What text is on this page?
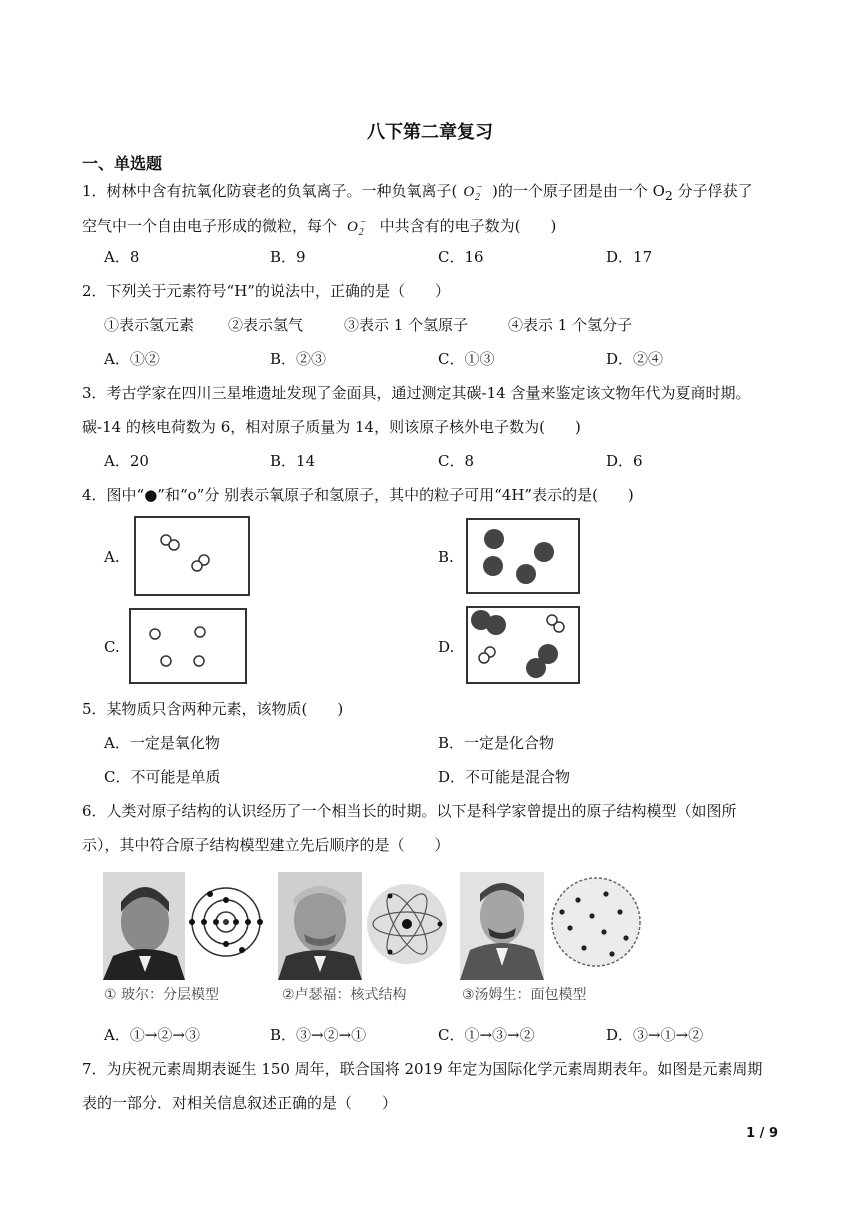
八下第二章复习
一、单选题
1．树林中含有抗氧化防衰老的负氧离子。一种负氧离子( O −$_2$ )的一个原子团是由一个 $O_2$ 分子俘获了
空气中一个自由电子形成的微粒，每个 O −$_2$ 中共含有的电子数为(　　)
A．8	B．9	C．16	D．17
2．下列关于元素符号“H”的说法中，正确的是（　　）
①表示氢元素 ②表示氢气	③表示 1 个氢原子	④表示 1 个氢分子
A．①②	B．②③	C．①③	D．②④
3．考古学家在四川三星堆遗址发现了金面具，通过测定其碳-14 含量来鉴定该文物年代为夏商时期。
碳-14 的核电荷数为 6，相对原子质量为 14，则该原子核外电子数为(　　)
A．20	B．14	C．8	D．6
4．图中“●”和“o”分 别表示氧原子和氢原子，其中的粒子可用“4H”表示的是(　　)
A.	B.
C.	D.
5．某物质只含两种元素，该物质(　　)
A．一定是氧化物	B．一定是化合物
C．不可能是单质	D．不可能是混合物
6．人类对原子结构的认识经历了一个相当长的时期。以下是科学家曾提出的原子结构模型（如图所
示），其中符合原子结构模型建立先后顺序的是（　　）
① 玻尔：分层模型	②卢瑟福：核式结构	③汤姆生：面包模型
A．①→②→③	B．③→②→①	C．①→③→②	D．③→①→②
7．为庆祝元素周期表诞生 150 周年，联合国将 2019 年定为国际化学元素周期表年。如图是元素周期
表的一部分．对相关信息叙述正确的是（　　）
1 / 9
